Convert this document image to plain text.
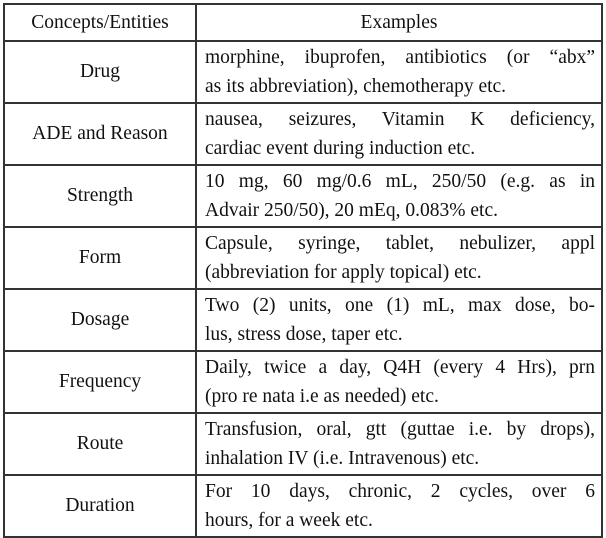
Concepts/Entities	Examples
Drug	morphine, ibuprofen, antibiotics (or “abx”
as its abbreviation), chemotherapy etc.

ADE and Reason	nausea, seizures, Vitamin K deficiency,
cardiac event during induction etc.

Strength	10 mg, 60 mg/0.6 mL, 250/50 (e.g. as in
Advair 250/50), 20 mEq, 0.083% etc.

Form	Capsule, syringe, tablet, nebulizer, appl
(abbreviation for apply topical) etc.

Dosage	Two (2) units, one (1) mL, max dose, bo-
lus, stress dose, taper etc.

Frequency	Daily, twice a day, Q4H (every 4 Hrs), prn
(pro re nata i.e as needed) etc.

Route	Transfusion, oral, gtt (guttae i.e. by drops),
inhalation IV (i.e. Intravenous) etc.

Duration	For 10 days, chronic, 2 cycles, over 6
hours, for a week etc.
